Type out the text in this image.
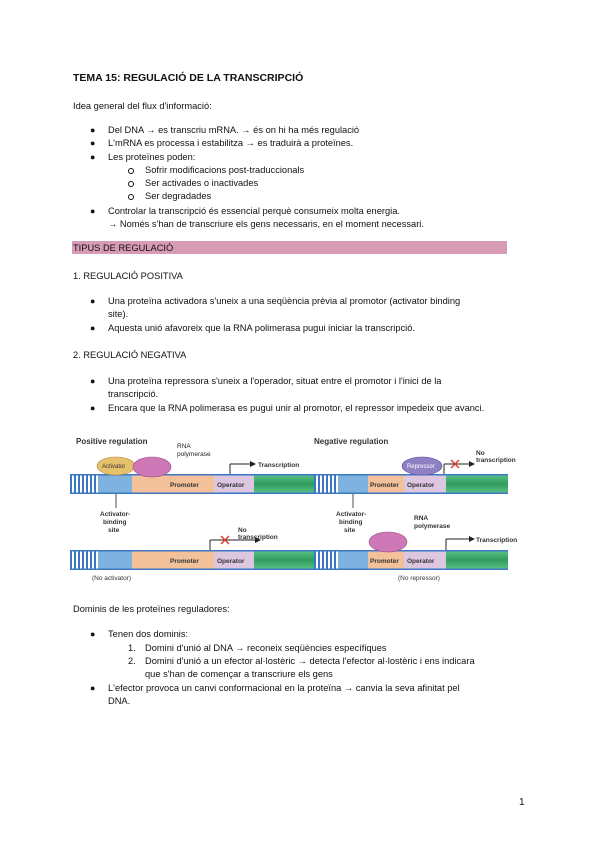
TEMA 15: REGULACIÓ DE LA TRANSCRIPCIÓ
Idea general del flux d'informació:
● Del DNA → es transcriu mRNA. → és on hi ha més regulació
● L'mRNA es processa i estabilitza → es traduirà a proteïnes.
● Les proteïnes poden:
Sofrir modificacions post-traduccionals
Ser activades o inactivades
Ser degradades
● Controlar la transcripció és essencial perquè consumeix molta energia.
→ Només s'han de transcriure els gens necessaris, en el moment necessari.
TIPUS DE REGULACIÓ
1. REGULACIÓ POSITIVA
● Una proteïna activadora s'uneix a una seqüència prèvia al promotor (activator binding
site).
● Aquesta unió afavoreix que la RNA polimerasa pugui iniciar la transcripció.
2. REGULACIÓ NEGATIVA
● Una proteïna repressora s'uneix a l'operador, situat entre el promotor i l'inici de la
transcripció.
● Encara que la RNA polimerasa es pugui unir al promotor, el repressor impedeix que avanci.
Positive regulation
RNA
polymerase
Promoter	Operator
Activator	Transcription
Activator-
binding
site
Promoter	Operator
No
transcription
(No activator)
Negative regulation
Promoter Operator
Repressor
No
transcription
Activator-
binding
site
RNA
polymerase
Promoter Operator
Transcription
(No repressor)
Dominis de les proteïnes reguladores:
● Tenen dos dominis:
1. Domini d'unió al DNA → reconeix seqüències específiques
2. Domini d'unió a un efector al·lostèric → detecta l'efector al·lostèric i ens indicara
que s'han de començar a transcriure els gens
● L'efector provoca un canvi conformacional en la proteïna → canvia la seva afinitat pel
DNA.
1
